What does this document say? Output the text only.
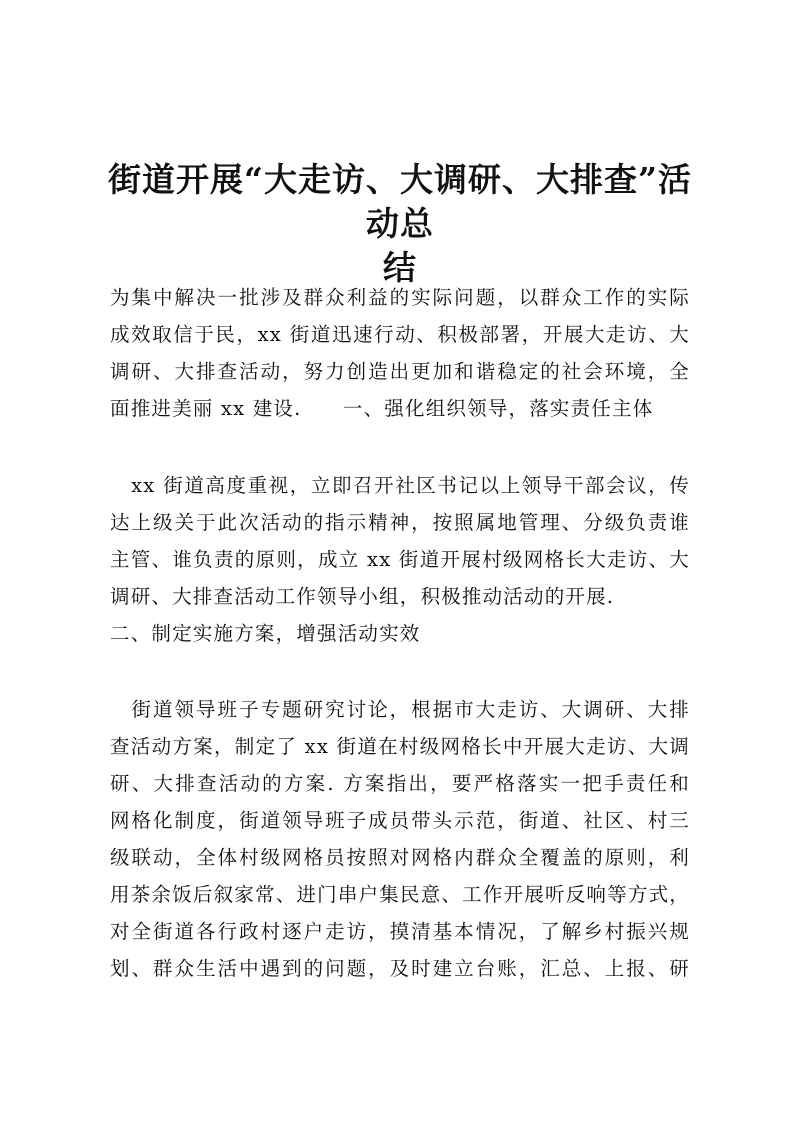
街道开展“大走访、大调研、大排查”活动总
结
为集中解决一批涉及群众利益的实际问题，以群众工作的实际
成效取信于民，xx 街道迅速行动、积极部署，开展大走访、大
调研、大排查活动，努力创造出更加和谐稳定的社会环境，全
面推进美丽 xx 建设.　　一、强化组织领导，落实责任主体
　xx 街道高度重视，立即召开社区书记以上领导干部会议，传
达上级关于此次活动的指示精神，按照属地管理、分级负责谁
主管、谁负责的原则，成立 xx 街道开展村级网格长大走访、大
调研、大排查活动工作领导小组，积极推动活动的开展.
二、制定实施方案，增强活动实效
　街道领导班子专题研究讨论，根据市大走访、大调研、大排
查活动方案，制定了 xx 街道在村级网格长中开展大走访、大调
研、大排查活动的方案. 方案指出，要严格落实一把手责任和
网格化制度，街道领导班子成员带头示范，街道、社区、村三
级联动，全体村级网格员按照对网格内群众全覆盖的原则，利
用茶余饭后叙家常、进门串户集民意、工作开展听反响等方式，
对全街道各行政村逐户走访，摸清基本情况，了解乡村振兴规
划、群众生活中遇到的问题，及时建立台账，汇总、上报、研
